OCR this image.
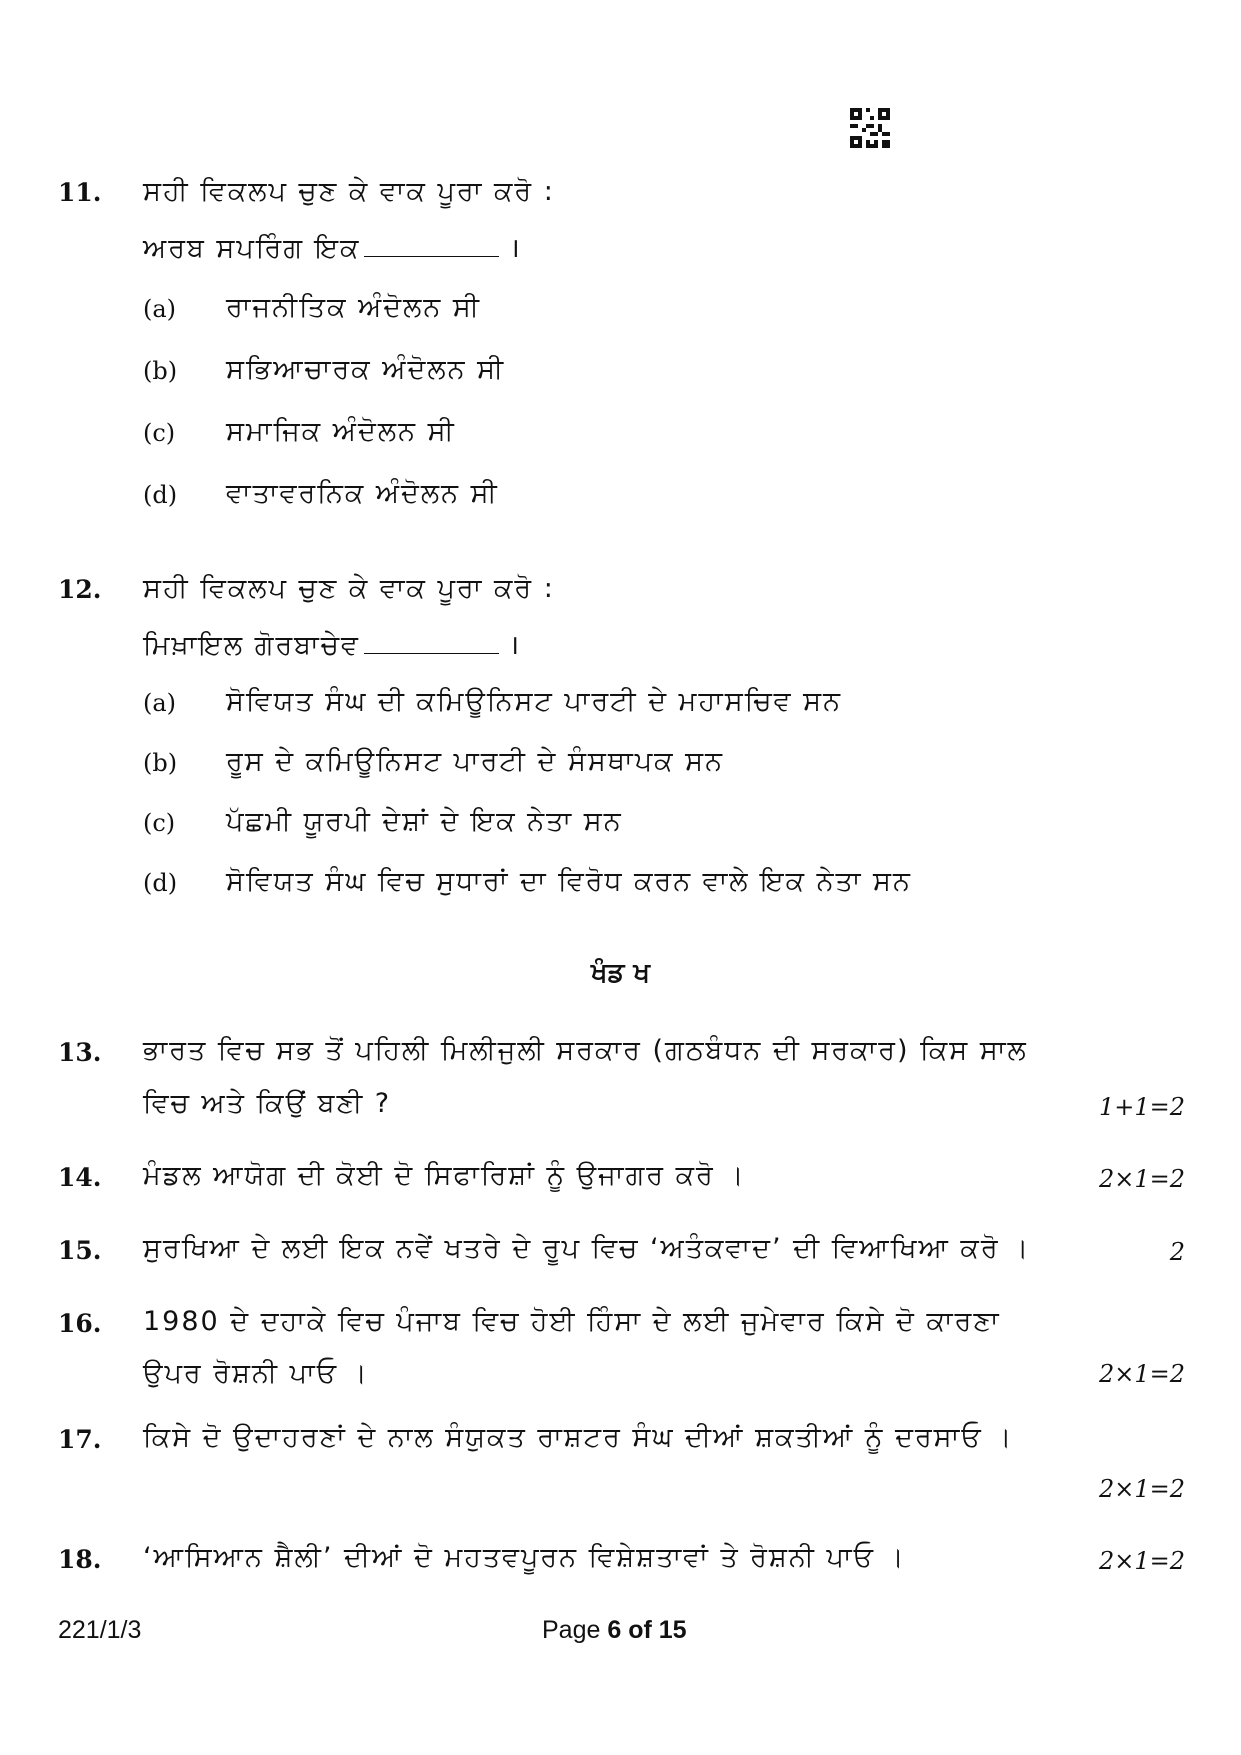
11.	ਸਹੀ ਵਿਕਲਪ ਚੁਣ ਕੇ ਵਾਕ ਪੂਰਾ ਕਰੋ :
ਅਰਬ ਸਪਰਿੰਗ ਇਕ	।
(a) ਰਾਜਨੀਤਿਕ ਅੰਦੋਲਨ ਸੀ
(b) ਸਭਿਆਚਾਰਕ ਅੰਦੋਲਨ ਸੀ
(c) ਸਮਾਜਿਕ ਅੰਦੋਲਨ ਸੀ
(d) ਵਾਤਾਵਰਨਿਕ ਅੰਦੋਲਨ ਸੀ
12.	ਸਹੀ ਵਿਕਲਪ ਚੁਣ ਕੇ ਵਾਕ ਪੂਰਾ ਕਰੋ :
ਮਿਖ਼ਾਇਲ ਗੋਰਬਾਚੇਵ	।
(a) ਸੋਵਿਯਤ ਸੰਘ ਦੀ ਕਮਿਊਨਿਸਟ ਪਾਰਟੀ ਦੇ ਮਹਾਸਚਿਵ ਸਨ
(b) ਰੂਸ ਦੇ ਕਮਿਊਨਿਸਟ ਪਾਰਟੀ ਦੇ ਸੰਸਥਾਪਕ ਸਨ
(c) ਪੱਛਮੀ ਯੂਰਪੀ ਦੇਸ਼ਾਂ ਦੇ ਇਕ ਨੇਤਾ ਸਨ
(d) ਸੋਵਿਯਤ ਸੰਘ ਵਿਚ ਸੁਧਾਰਾਂ ਦਾ ਵਿਰੋਧ ਕਰਨ ਵਾਲੇ ਇਕ ਨੇਤਾ ਸਨ
ਖੰਡ ਖ
13.	ਭਾਰਤ ਵਿਚ ਸਭ ਤੋਂ ਪਹਿਲੀ ਮਿਲੀਜੁਲੀ ਸਰਕਾਰ (ਗਠਬੰਧਨ ਦੀ ਸਰਕਾਰ) ਕਿਸ ਸਾਲ
ਵਿਚ ਅਤੇ ਕਿਉਂ ਬਣੀ ?	1+1=2
14.	ਮੰਡਲ ਆਯੋਗ ਦੀ ਕੋਈ ਦੋ ਸਿਫਾਰਿਸ਼ਾਂ ਨੂੰ ਉਜਾਗਰ ਕਰੋ ।	2×1=2
15.	ਸੁਰਖਿਆ ਦੇ ਲਈ ਇਕ ਨਵੇਂ ਖਤਰੇ ਦੇ ਰੂਪ ਵਿਚ ‘ਅਤੰਕਵਾਦ’ ਦੀ ਵਿਆਖਿਆ ਕਰੋ ।	2
16.	1980 ਦੇ ਦਹਾਕੇ ਵਿਚ ਪੰਜਾਬ ਵਿਚ ਹੋਈ ਹਿੰਸਾ ਦੇ ਲਈ ਜੁਮੇਵਾਰ ਕਿਸੇ ਦੋ ਕਾਰਣਾ
ਉਪਰ ਰੋਸ਼ਨੀ ਪਾਓ ।	2×1=2
17.	ਕਿਸੇ ਦੋ ਉਦਾਹਰਣਾਂ ਦੇ ਨਾਲ ਸੰਯੁਕਤ ਰਾਸ਼ਟਰ ਸੰਘ ਦੀਆਂ ਸ਼ਕਤੀਆਂ ਨੂੰ ਦਰਸਾਓ ।
2×1=2
18.	‘ਆਸਿਆਨ ਸ਼ੈਲੀ’ ਦੀਆਂ ਦੋ ਮਹਤਵਪੂਰਨ ਵਿਸ਼ੇਸ਼ਤਾਵਾਂ ਤੇ ਰੋਸ਼ਨੀ ਪਾਓ ।	2×1=2
221/1/3	Page 6 of 15
